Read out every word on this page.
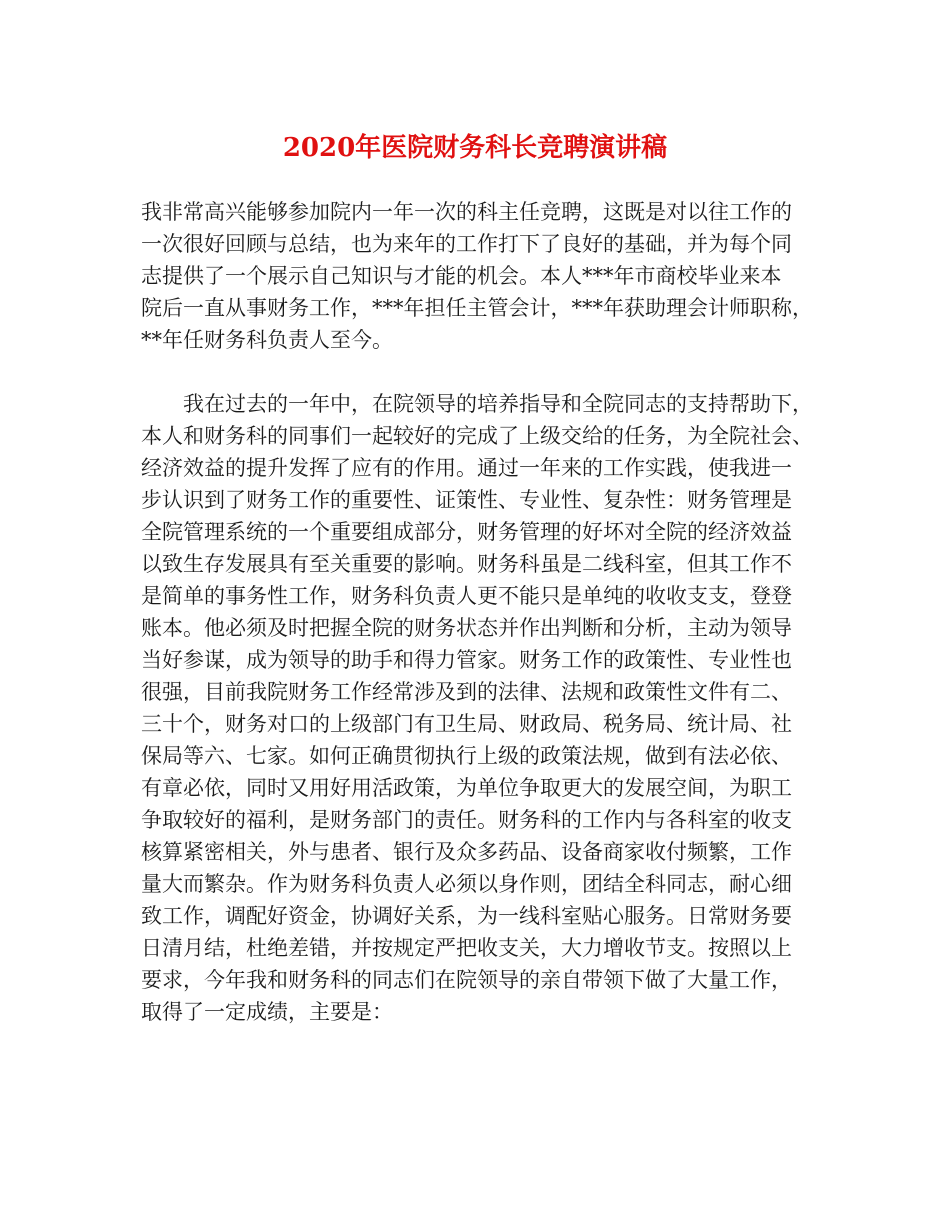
2020年医院财务科长竞聘演讲稿
我非常高兴能够参加院内一年一次的科主任竞聘，这既是对以往工作的
一次很好回顾与总结，也为来年的工作打下了良好的基础，并为每个同
志提供了一个展示自己知识与才能的机会。本人***年市商校毕业来本
院后一直从事财务工作，***年担任主管会计，***年获助理会计师职称，
**年任财务科负责人至今。
　　我在过去的一年中，在院领导的培养指导和全院同志的支持帮助下，
本人和财务科的同事们一起较好的完成了上级交给的任务，为全院社会、
经济效益的提升发挥了应有的作用。通过一年来的工作实践，使我进一
步认识到了财务工作的重要性、证策性、专业性、复杂性：财务管理是
全院管理系统的一个重要组成部分，财务管理的好坏对全院的经济效益
以致生存发展具有至关重要的影响。财务科虽是二线科室，但其工作不
是简单的事务性工作，财务科负责人更不能只是单纯的收收支支，登登
账本。他必须及时把握全院的财务状态并作出判断和分析，主动为领导
当好参谋，成为领导的助手和得力管家。财务工作的政策性、专业性也
很强，目前我院财务工作经常涉及到的法律、法规和政策性文件有二、
三十个，财务对口的上级部门有卫生局、财政局、税务局、统计局、社
保局等六、七家。如何正确贯彻执行上级的政策法规，做到有法必依、
有章必依，同时又用好用活政策，为单位争取更大的发展空间，为职工
争取较好的福利，是财务部门的责任。财务科的工作内与各科室的收支
核算紧密相关，外与患者、银行及众多药品、设备商家收付频繁，工作
量大而繁杂。作为财务科负责人必须以身作则，团结全科同志，耐心细
致工作，调配好资金，协调好关系，为一线科室贴心服务。日常财务要
日清月结，杜绝差错，并按规定严把收支关，大力增收节支。按照以上
要求，今年我和财务科的同志们在院领导的亲自带领下做了大量工作，
取得了一定成绩，主要是：
